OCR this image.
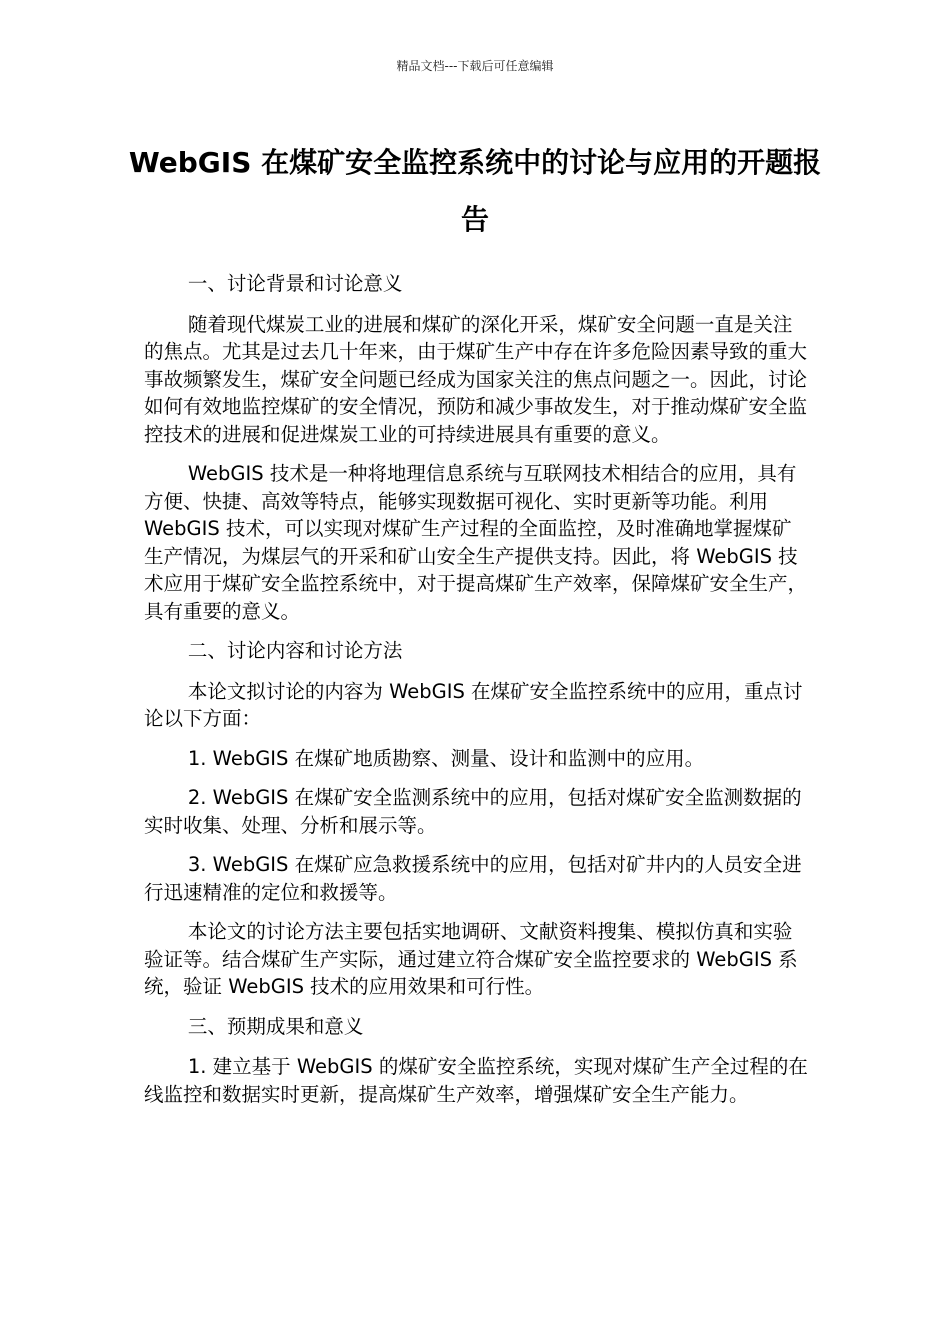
精品文档---下载后可任意编辑
WebGIS 在煤矿安全监控系统中的讨论与应用的开题报告

一、讨论背景和讨论意义

随着现代煤炭工业的进展和煤矿的深化开采，煤矿安全问题一直是关注的焦点。尤其是过去几十年来，由于煤矿生产中存在许多危险因素导致的重大事故频繁发生，煤矿安全问题已经成为国家关注的焦点问题之一。因此，讨论如何有效地监控煤矿的安全情况，预防和减少事故发生，对于推动煤矿安全监控技术的进展和促进煤炭工业的可持续进展具有重要的意义。

WebGIS 技术是一种将地理信息系统与互联网技术相结合的应用，具有方便、快捷、高效等特点，能够实现数据可视化、实时更新等功能。利用 WebGIS 技术，可以实现对煤矿生产过程的全面监控，及时准确地掌握煤矿生产情况，为煤层气的开采和矿山安全生产提供支持。因此，将 WebGIS 技术应用于煤矿安全监控系统中，对于提高煤矿生产效率，保障煤矿安全生产，具有重要的意义。

二、讨论内容和讨论方法

本论文拟讨论的内容为 WebGIS 在煤矿安全监控系统中的应用，重点讨论以下方面：

1. WebGIS 在煤矿地质勘察、测量、设计和监测中的应用。

2. WebGIS 在煤矿安全监测系统中的应用，包括对煤矿安全监测数据的实时收集、处理、分析和展示等。

3. WebGIS 在煤矿应急救援系统中的应用，包括对矿井内的人员安全进行迅速精准的定位和救援等。

本论文的讨论方法主要包括实地调研、文献资料搜集、模拟仿真和实验验证等。结合煤矿生产实际，通过建立符合煤矿安全监控要求的 WebGIS 系统，验证 WebGIS 技术的应用效果和可行性。

三、预期成果和意义

1. 建立基于 WebGIS 的煤矿安全监控系统，实现对煤矿生产全过程的在线监控和数据实时更新，提高煤矿生产效率，增强煤矿安全生产能力。
